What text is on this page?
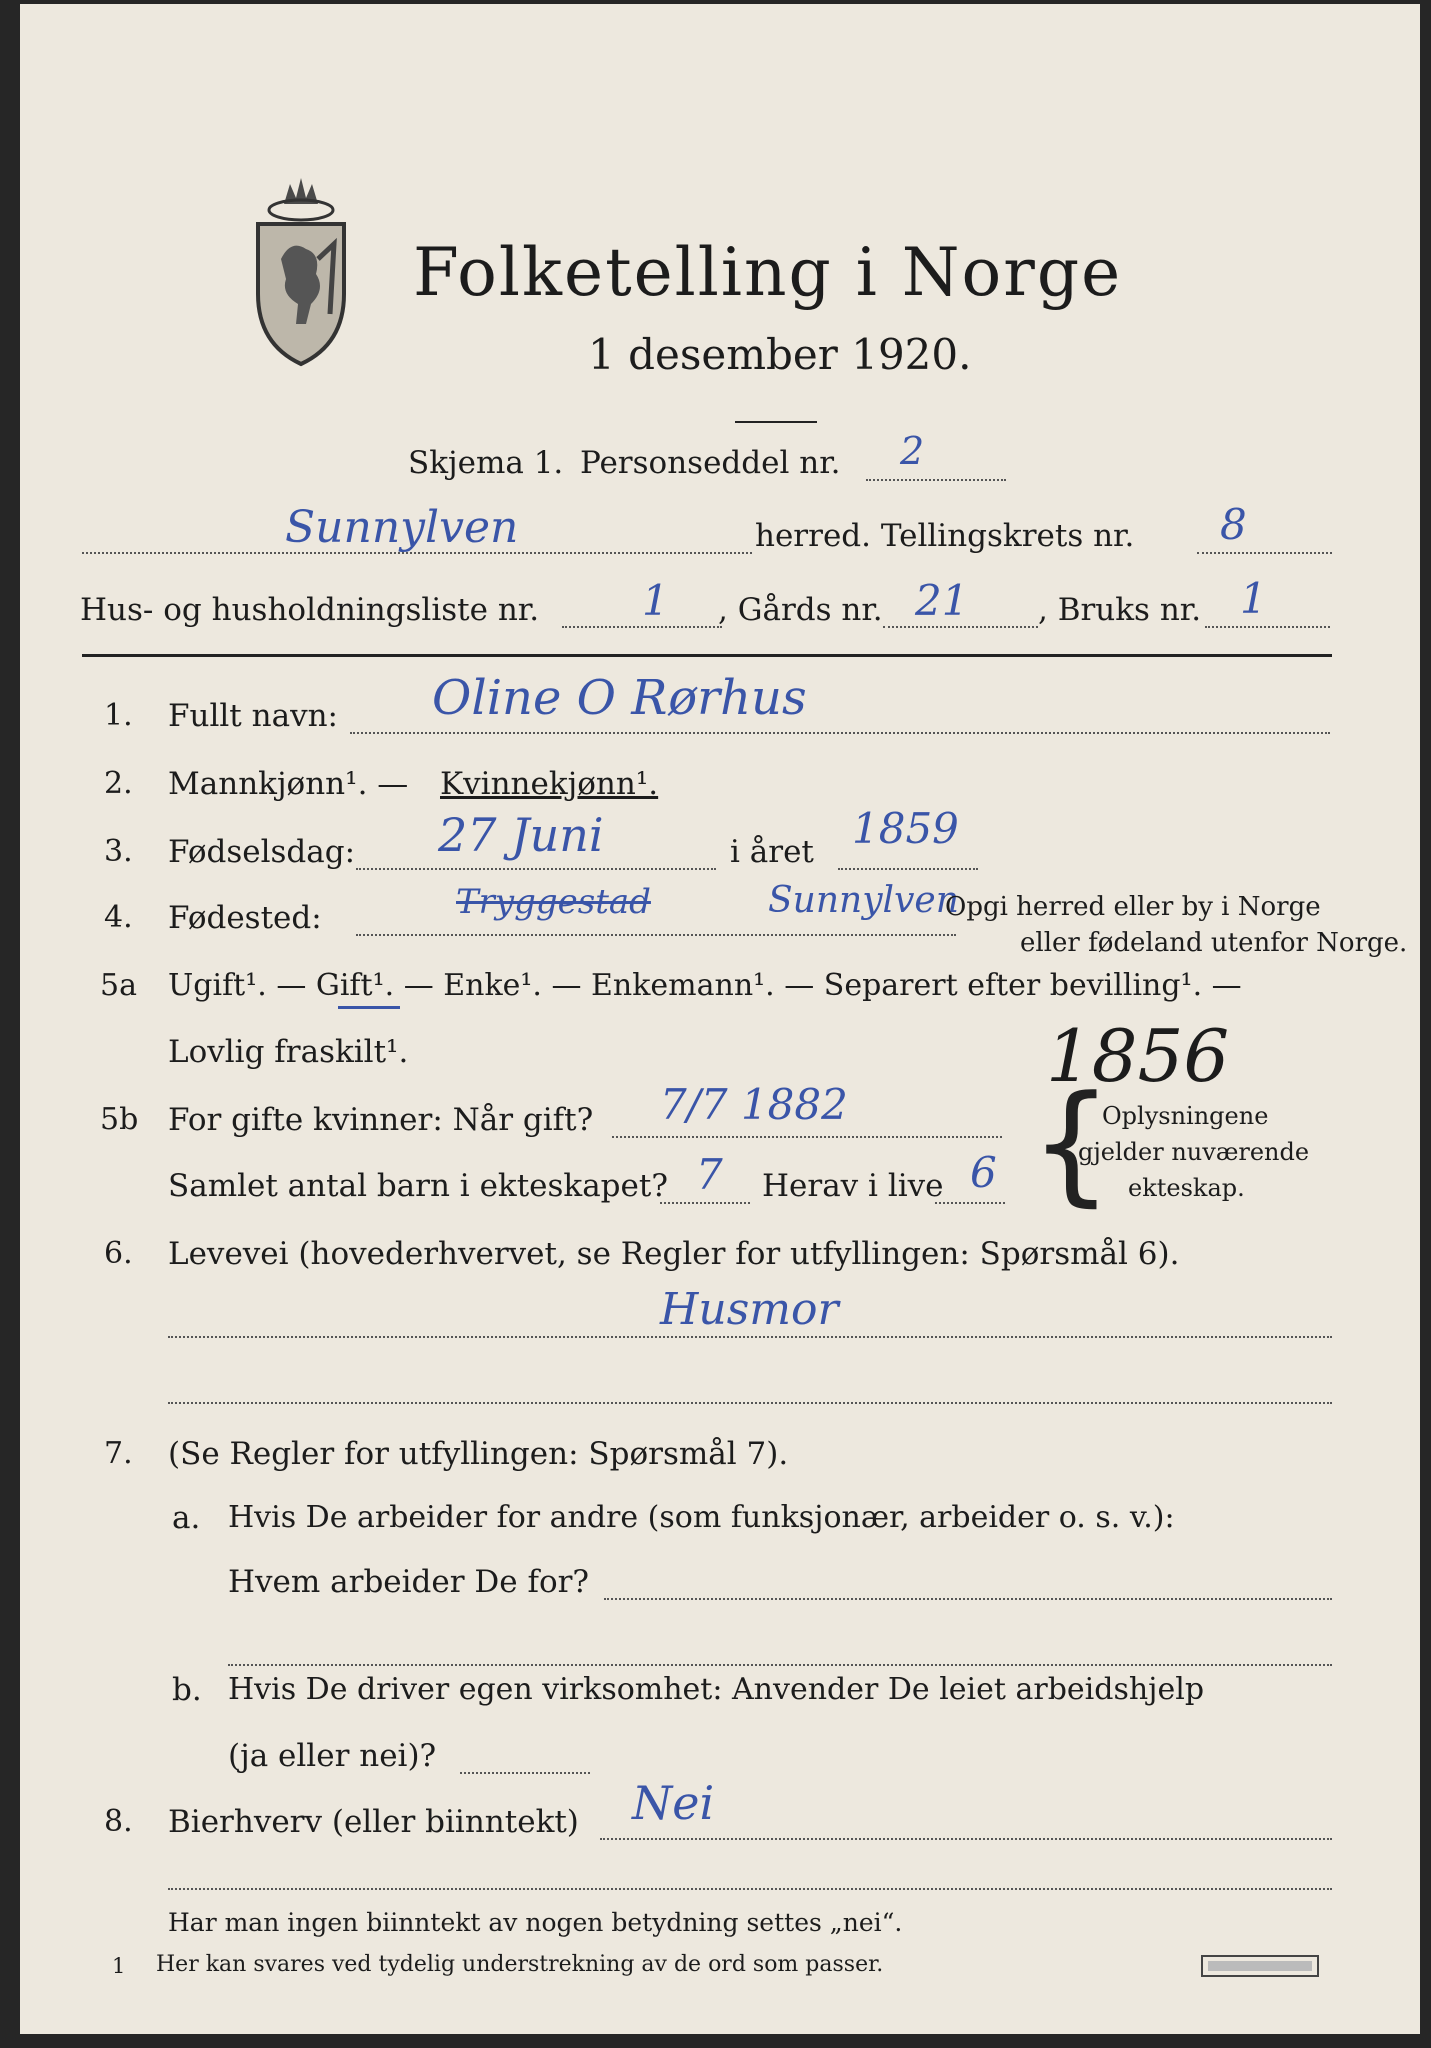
Folketelling i Norge
1 desember 1920.
Skjema 1. Personseddel nr. 2
Sunnylven	herred. Tellingskrets nr. 8
Hus- og husholdningsliste nr. 1 , Gårds nr. 21 , Bruks nr. 1
1. Fullt navn: Oline O Rørhus
2. Mannkjønn¹. — Kvinnekjønn¹.
3. Fødselsdag: 27 Juni	i året 1859
4. Fødested:	Tryggestad	Sunnylven
Opgi herred eller by i Norge
eller fødeland utenfor Norge.
5a Ugift¹. — Gift¹. — Enke¹. — Enkemann¹. — Separert efter bevilling¹. —
Lovlig fraskilt¹.
5b For gifte kvinner: Når gift? 7/7 1882
Samlet antal barn i ekteskapet? 7 Herav i live 6 {
1856
Oplysningene
gjelder nuværende
ekteskap.
6. Levevei (hovederhvervet, se Regler for utfyllingen: Spørsmål 6).
Husmor
7. (Se Regler for utfyllingen: Spørsmål 7).
a. Hvis De arbeider for andre (som funksjonær, arbeider o. s. v.):
Hvem arbeider De for?
b. Hvis De driver egen virksomhet: Anvender De leiet arbeidshjelp
(ja eller nei)?
8. Bierhverv (eller biinntekt) Nei
Har man ingen biinntekt av nogen betydning settes „nei“.
1 Her kan svares ved tydelig understrekning av de ord som passer.
